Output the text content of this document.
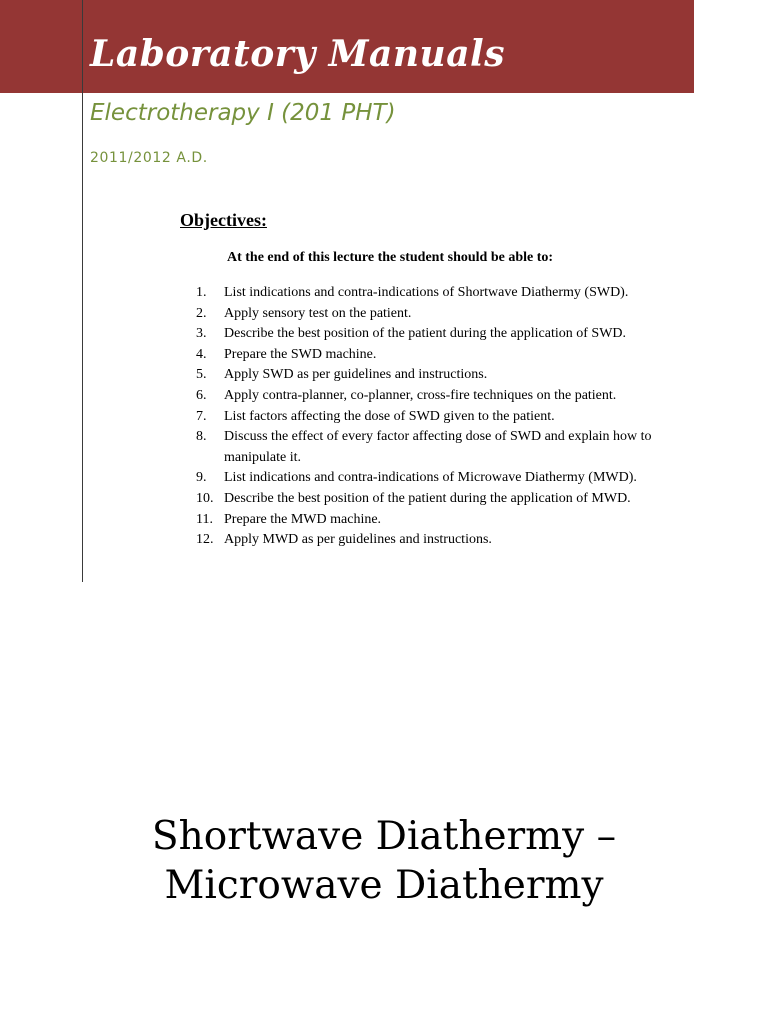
Laboratory Manuals
Electrotherapy I (201 PHT)
2011/2012 A.D.
Objectives:
At the end of this lecture the student should be able to:
1.	List indications and contra-indications of Shortwave Diathermy (SWD).
2.	Apply sensory test on the patient.
3.	Describe the best position of the patient during the application of SWD.
4.	Prepare the SWD machine.
5.	Apply SWD as per guidelines and instructions.
6.	Apply contra-planner, co-planner, cross-fire techniques on the patient.
7.	List factors affecting the dose of SWD given to the patient.
8.	Discuss the effect of every factor affecting dose of SWD and explain how to manipulate it.
9.	List indications and contra-indications of Microwave Diathermy (MWD).
10. Describe the best position of the patient during the application of MWD.
11. Prepare the MWD machine.
12. Apply MWD as per guidelines and instructions.
Shortwave Diathermy –
Microwave Diathermy
